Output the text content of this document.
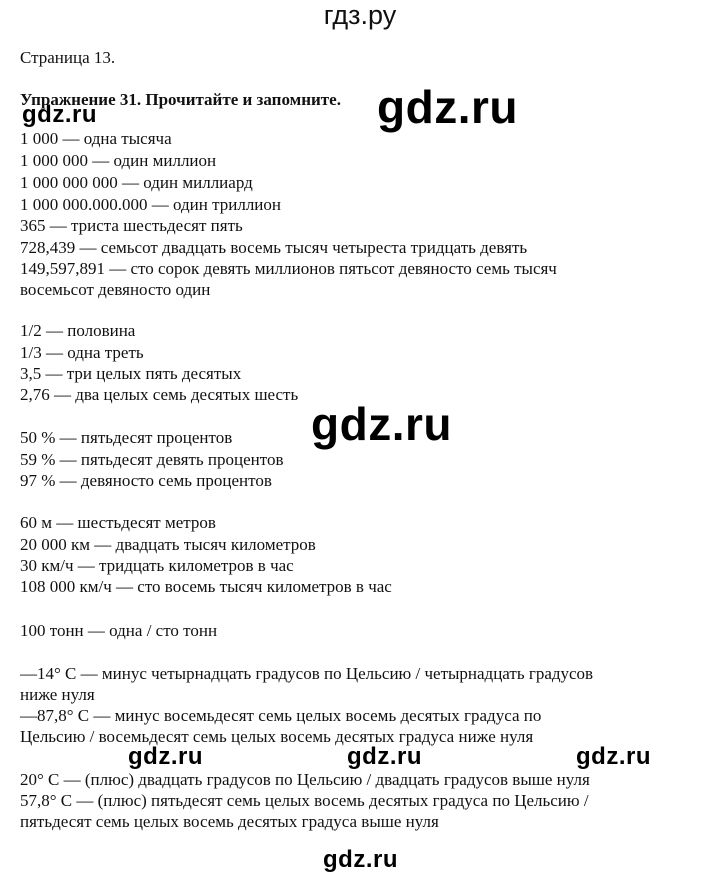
гдз.ру
Страница 13.
Упражнение 31. Прочитайте и запомните.
1 000 — одна тысяча
1 000 000 — один миллион
1 000 000 000 — один миллиард
1 000 000.000.000 — один триллион
365 — триста шестьдесят пять
728,439 — семьсот двадцать восемь тысяч четыреста тридцать девять
149,597,891 — сто сорок девять миллионов пятьсот девяносто семь тысяч
восемьсот девяносто один
1/2 — половина
1/3 — одна треть
3,5 — три целых пять десятых
2,76 — два целых семь десятых шесть
50 % — пятьдесят процентов
59 % — пятьдесят девять процентов
97 % — девяносто семь процентов
60 м — шестьдесят метров
20 000 км — двадцать тысяч километров
30 км/ч — тридцать километров в час
108 000 км/ч — сто восемь тысяч километров в час
100 тонн — одна / сто тонн
—14° С — минус четырнадцать градусов по Цельсию / четырнадцать градусов
ниже нуля
—87,8° С — минус восемьдесят семь целых восемь десятых градуса по
Цельсию / восемьдесят семь целых восемь десятых градуса ниже нуля
20° С — (плюс) двадцать градусов по Цельсию / двадцать градусов выше нуля
57,8° С — (плюс) пятьдесят семь целых восемь десятых градуса по Цельсию /
пятьдесят семь целых восемь десятых градуса выше нуля
gdz.ru
gdz.ru
gdz.ru
gdz.ru	gdz.ru	gdz.ru
gdz.ru
